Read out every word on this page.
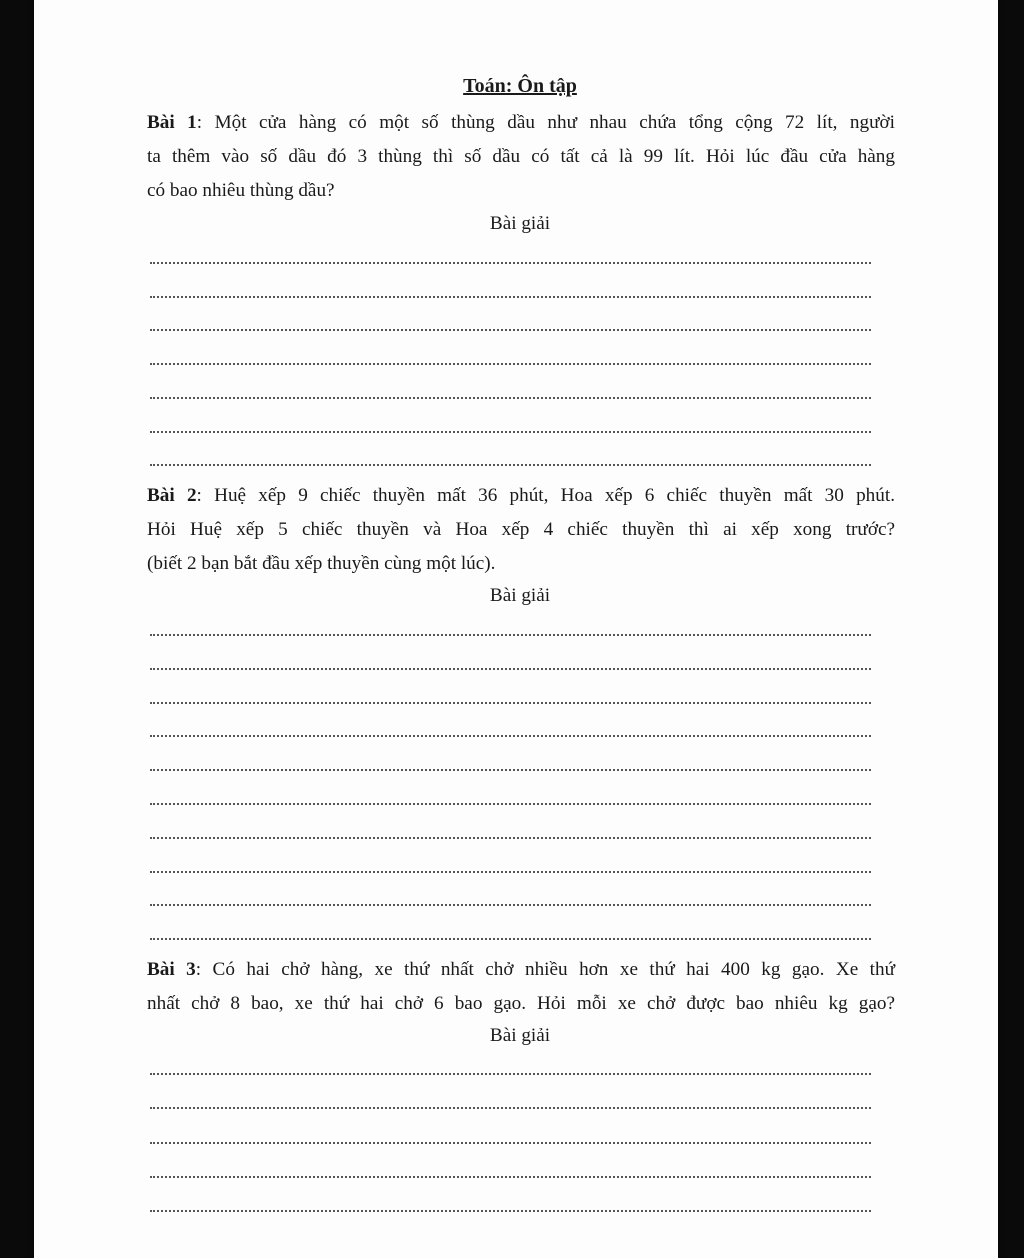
Toán: Ôn tập
Bài 1: Một cửa hàng có một số thùng dầu như nhau chứa tổng cộng 72 lít, người
ta thêm vào số dầu đó 3 thùng thì số dầu có tất cả là 99 lít. Hỏi lúc đầu cửa hàng
có bao nhiêu thùng dầu?
Bài giải
Bài 2: Huệ xếp 9 chiếc thuyền mất 36 phút, Hoa xếp 6 chiếc thuyền mất 30 phút.
Hỏi Huệ xếp 5 chiếc thuyền và Hoa xếp 4 chiếc thuyền thì ai xếp xong trước?
(biết 2 bạn bắt đầu xếp thuyền cùng một lúc).
Bài giải
Bài 3: Có hai chở hàng, xe thứ nhất chở nhiều hơn xe thứ hai 400 kg gạo. Xe thứ
nhất chở 8 bao, xe thứ hai chở 6 bao gạo. Hỏi mỗi xe chở được bao nhiêu kg gạo?
Bài giải
